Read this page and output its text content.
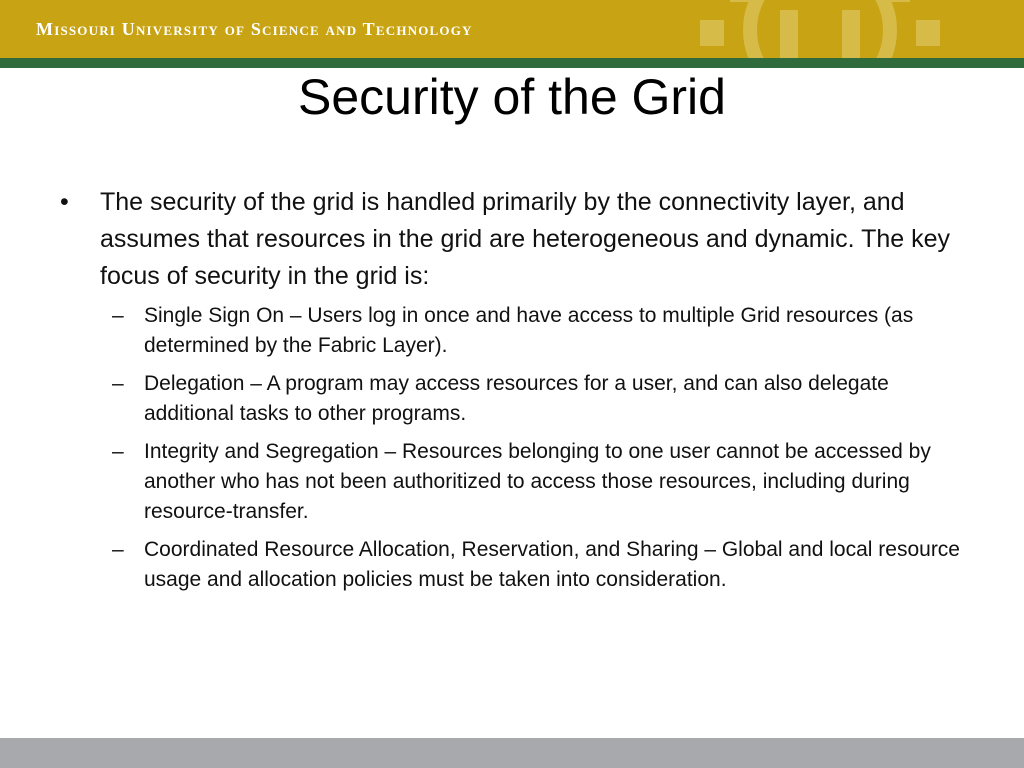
Missouri University of Science and Technology
Security of the Grid
• The security of the grid is handled primarily by the connectivity layer, and assumes that resources in the grid are heterogeneous and dynamic. The key focus of security in the grid is:
– Single Sign On – Users log in once and have access to multiple Grid resources (as determined by the Fabric Layer).
– Delegation – A program may access resources for a user, and can also delegate additional tasks to other programs.
– Integrity and Segregation – Resources belonging to one user cannot be accessed by another who has not been authoritized to access those resources, including during resource-transfer.
– Coordinated Resource Allocation, Reservation, and Sharing – Global and local resource usage and allocation policies must be taken into consideration.
